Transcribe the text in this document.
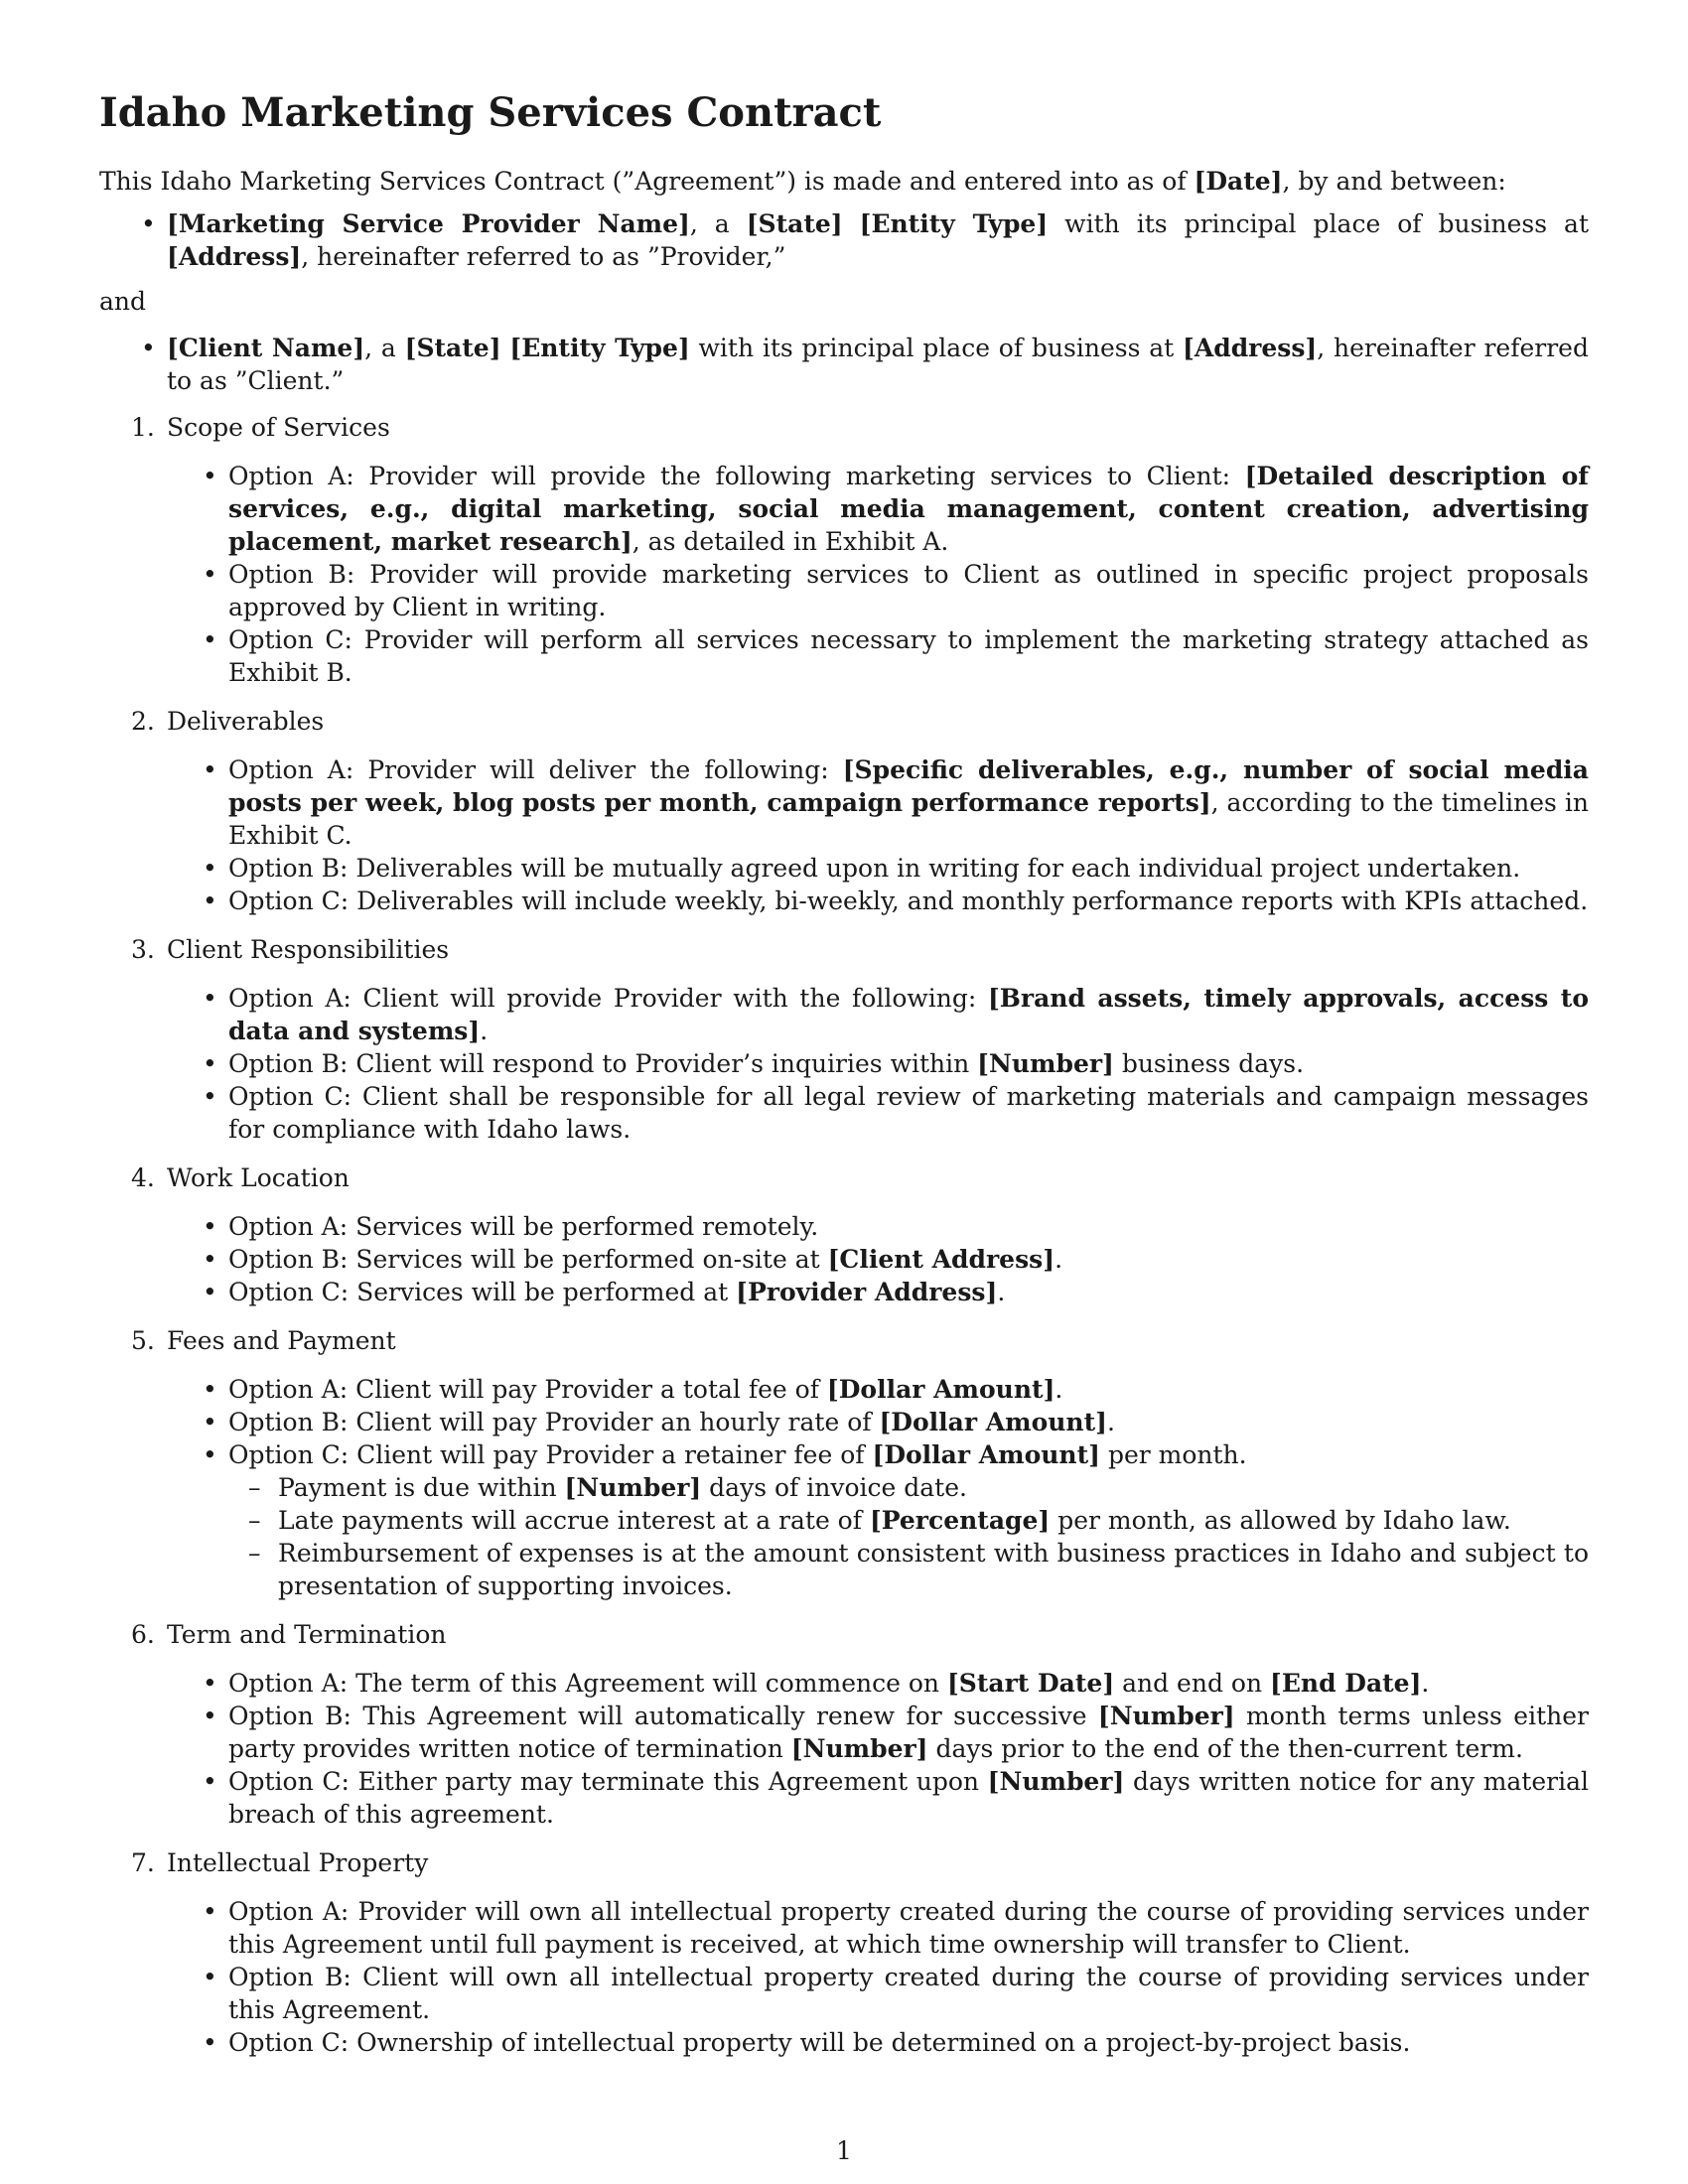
Idaho Marketing Services Contract

This Idaho Marketing Services Contract (”Agreement”) is made and entered into as of [Date], by and between:

• [Marketing Service Provider Name], a [State] [Entity Type] with its principal place of business at [Address], hereinafter referred to as ”Provider,”

and

• [Client Name], a [State] [Entity Type] with its principal place of business at [Address], hereinafter referred to as ”Client.”
1. Scope of Services
• Option A: Provider will provide the following marketing services to Client: [Detailed description of services, e.g., digital marketing, social media management, content creation, advertising placement, market research], as detailed in Exhibit A.
• Option B: Provider will provide marketing services to Client as outlined in specific project proposals approved by Client in writing.
• Option C: Provider will perform all services necessary to implement the marketing strategy attached as Exhibit B.
2. Deliverables
• Option A: Provider will deliver the following: [Specific deliverables, e.g., number of social media posts per week, blog posts per month, campaign performance reports], according to the timelines in Exhibit C.
• Option B: Deliverables will be mutually agreed upon in writing for each individual project undertaken.
• Option C: Deliverables will include weekly, bi-weekly, and monthly performance reports with KPIs attached.
3. Client Responsibilities
• Option A: Client will provide Provider with the following: [Brand assets, timely approvals, access to data and systems].
• Option B: Client will respond to Provider’s inquiries within [Number] business days.
• Option C: Client shall be responsible for all legal review of marketing materials and campaign messages for compliance with Idaho laws.
4. Work Location
• Option A: Services will be performed remotely.
• Option B: Services will be performed on-site at [Client Address].
• Option C: Services will be performed at [Provider Address].
5. Fees and Payment
• Option A: Client will pay Provider a total fee of [Dollar Amount].
• Option B: Client will pay Provider an hourly rate of [Dollar Amount].
• Option C: Client will pay Provider a retainer fee of [Dollar Amount] per month.
– Payment is due within [Number] days of invoice date.
– Late payments will accrue interest at a rate of [Percentage] per month, as allowed by Idaho law.
– Reimbursement of expenses is at the amount consistent with business practices in Idaho and subject to presentation of supporting invoices.
6. Term and Termination
• Option A: The term of this Agreement will commence on [Start Date] and end on [End Date].
• Option B: This Agreement will automatically renew for successive [Number] month terms unless either party provides written notice of termination [Number] days prior to the end of the then-current term.
• Option C: Either party may terminate this Agreement upon [Number] days written notice for any material breach of this agreement.
7. Intellectual Property
• Option A: Provider will own all intellectual property created during the course of providing services under this Agreement until full payment is received, at which time ownership will transfer to Client.
• Option B: Client will own all intellectual property created during the course of providing services under this Agreement.
• Option C: Ownership of intellectual property will be determined on a project-by-project basis.
1
